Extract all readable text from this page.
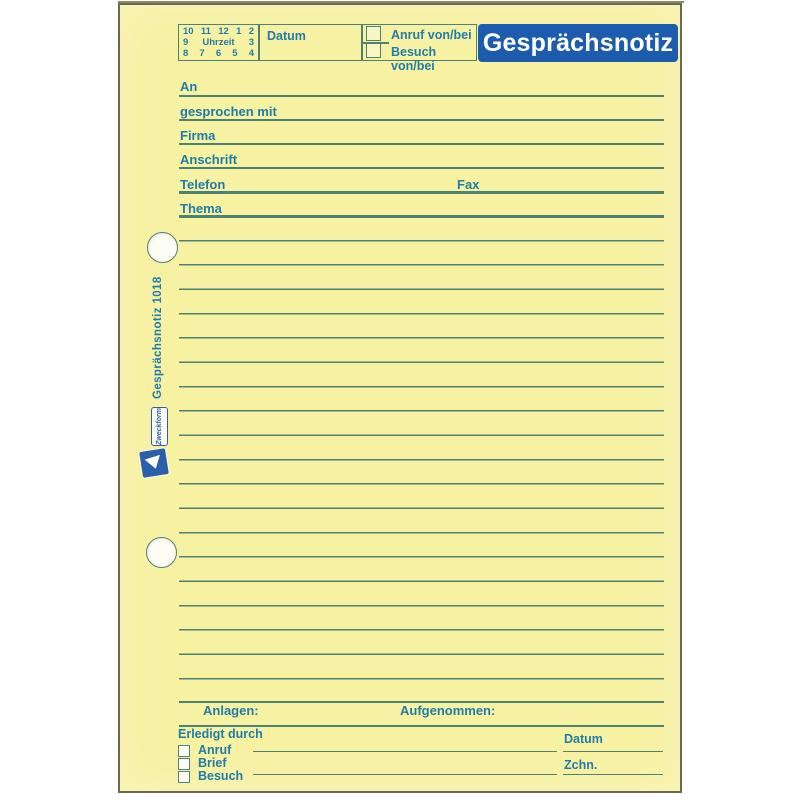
10 11 12 1 2
9 Uhrzeit 3
8 7 6 5 4
Datum	Anruf von/bei
Besuch von/bei
Gesprächsnotiz
An
gesprochen mit
Firma
Anschrift
Telefon	Fax
Thema
Gesprächsnotiz 1018
Zweckform
Anlagen:	Aufgenommen:
Erledigt durch
Anruf
Brief
Besuch
Datum
Zchn.
